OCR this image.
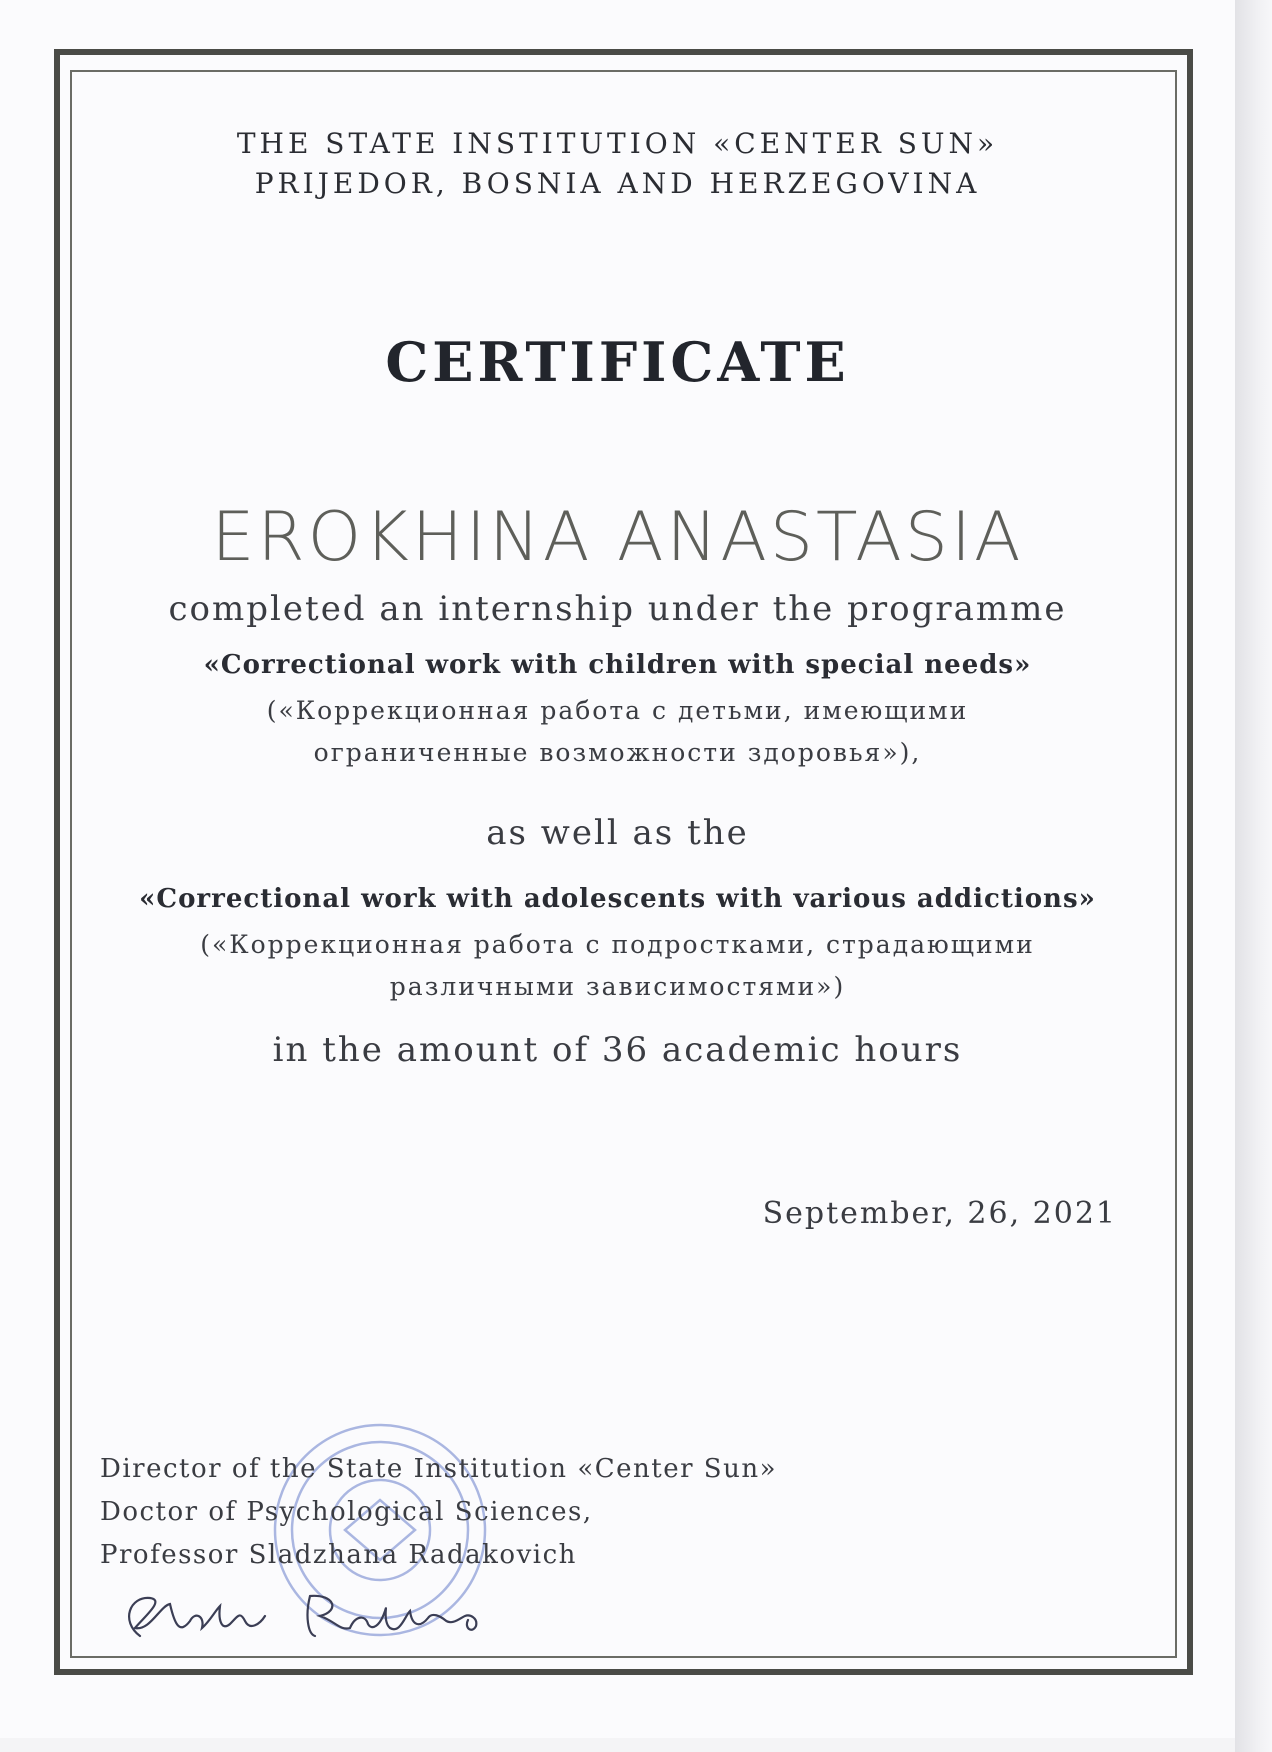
THE STATE INSTITUTION «CENTER SUN»
PRIJEDOR, BOSNIA AND HERZEGOVINA
CERTIFICATE
EROKHINA ANASTASIA
completed an internship under the programme
«Correctional work with children with special needs»
(«Коррекционная работа с детьми, имеющими
ограниченные возможности здоровья»),
as well as the
«Correctional work with adolescents with various addictions»
(«Коррекционная работа с подростками, страдающими
различными зависимостями»)
in the amount of 36 academic hours
September, 26, 2021
Director of the State Institution «Center Sun»
Doctor of Psychological Sciences,
Professor Sladzhana Radakovich
